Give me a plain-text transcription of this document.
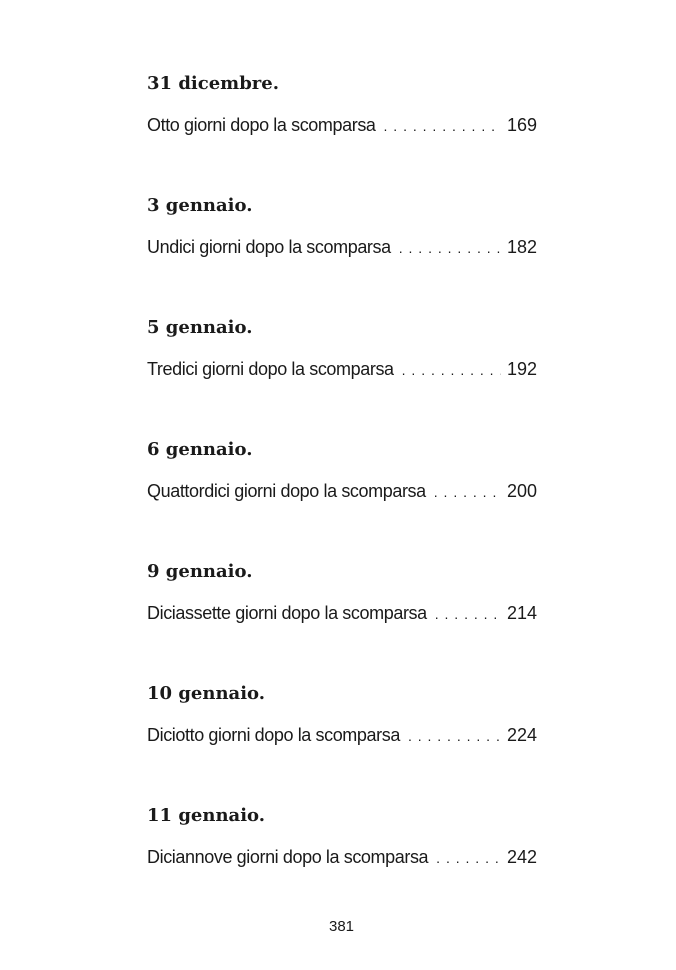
31 dicembre.
Otto giorni dopo la scomparsa . . .	169
3 gennaio.
Undici giorni dopo la scomparsa . . .	182
5 gennaio.
Tredici giorni dopo la scomparsa . . .	192
6 gennaio.
Quattordici giorni dopo la scomparsa . . .	200
9 gennaio.
Diciassette giorni dopo la scomparsa . . .	214
10 gennaio.
Diciotto giorni dopo la scomparsa . . .	224
11 gennaio.
Diciannove giorni dopo la scomparsa . . .	242
381
